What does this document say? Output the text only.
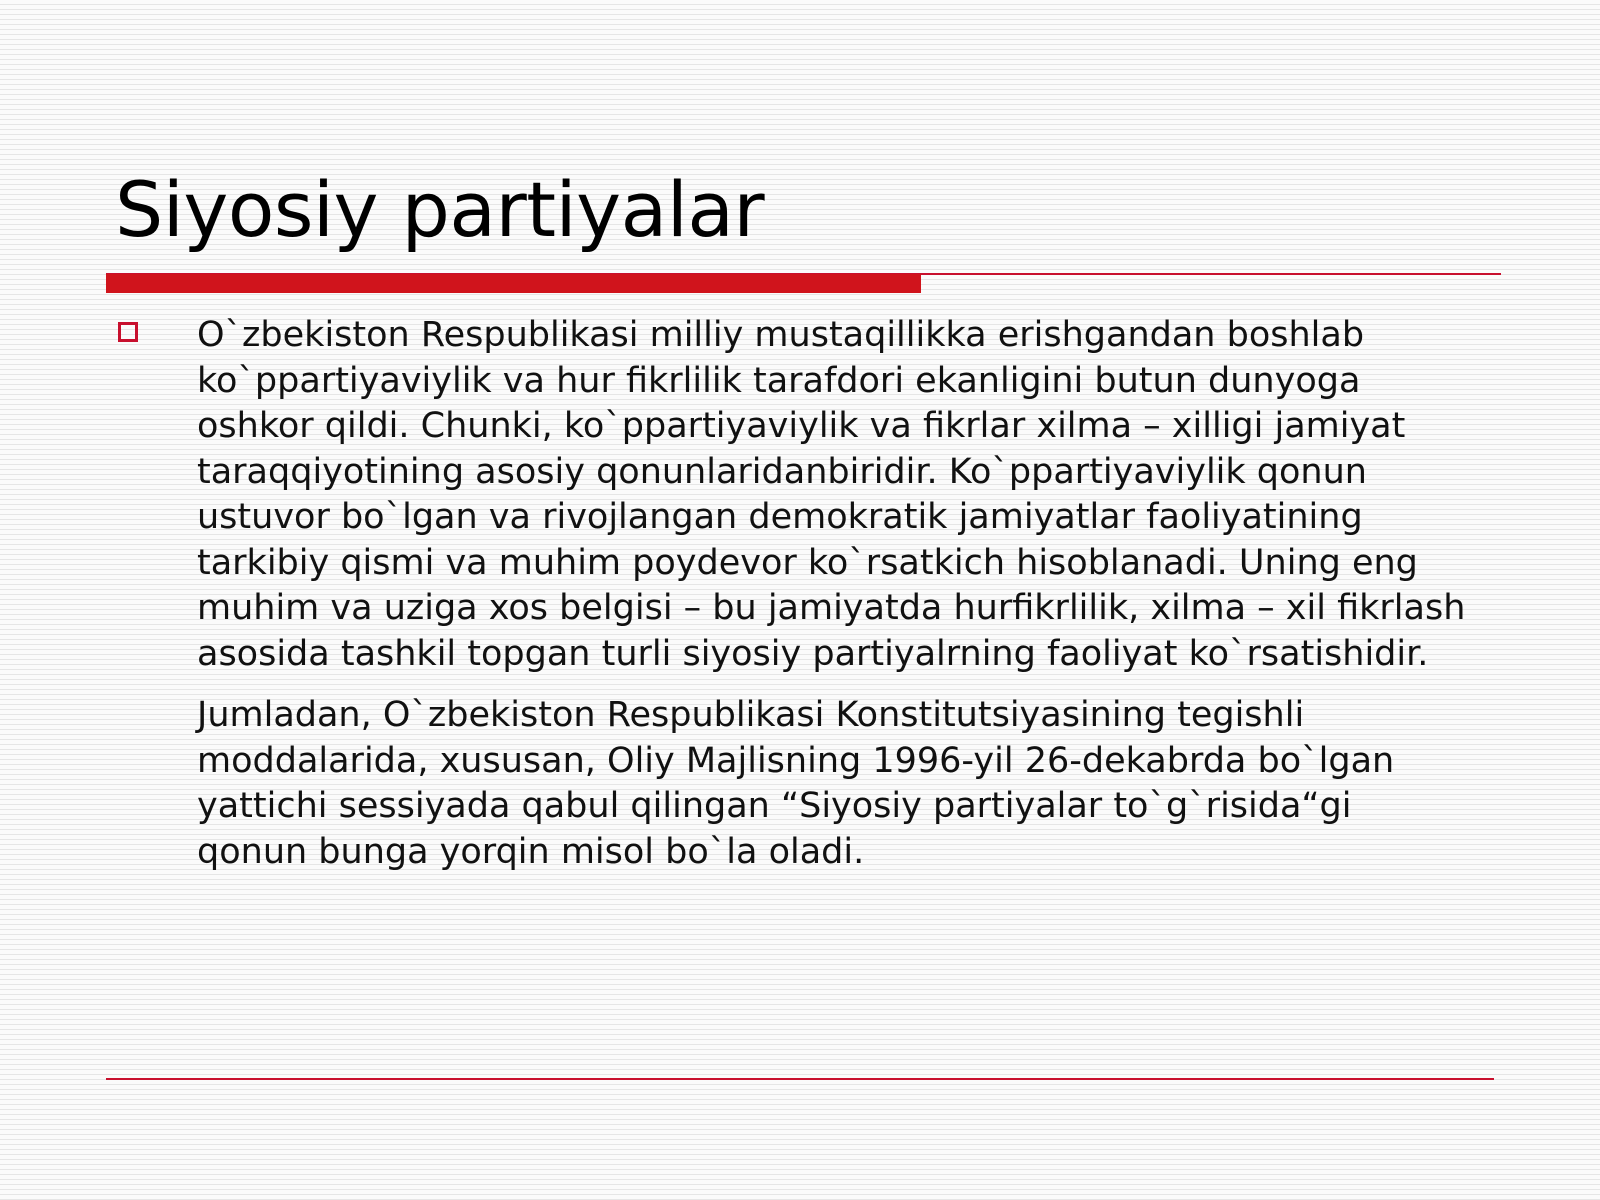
Siyosiy partiyalar

O`zbekiston Respublikasi milliy mustaqillikka erishgandan boshlab
ko`ppartiyaviylik va hur fikrlilik tarafdori ekanligini butun dunyoga
oshkor qildi. Chunki, ko`ppartiyaviylik va fikrlar xilma – xilligi jamiyat
taraqqiyotining asosiy qonunlaridanbiridir. Ko`ppartiyaviylik qonun
ustuvor bo`lgan va rivojlangan demokratik jamiyatlar faoliyatining
tarkibiy qismi va muhim poydevor ko`rsatkich hisoblanadi. Uning eng
muhim va uziga xos belgisi – bu jamiyatda hurfikrlilik, xilma – xil fikrlash
asosida tashkil topgan turli siyosiy partiyalrning faoliyat ko`rsatishidir.

Jumladan, O`zbekiston Respublikasi Konstitutsiyasining tegishli
moddalarida, xususan, Oliy Majlisning 1996-yil 26-dekabrda bo`lgan
yattichi sessiyada qabul qilingan “Siyosiy partiyalar to`g`risida“gi
qonun bunga yorqin misol bo`la oladi.
